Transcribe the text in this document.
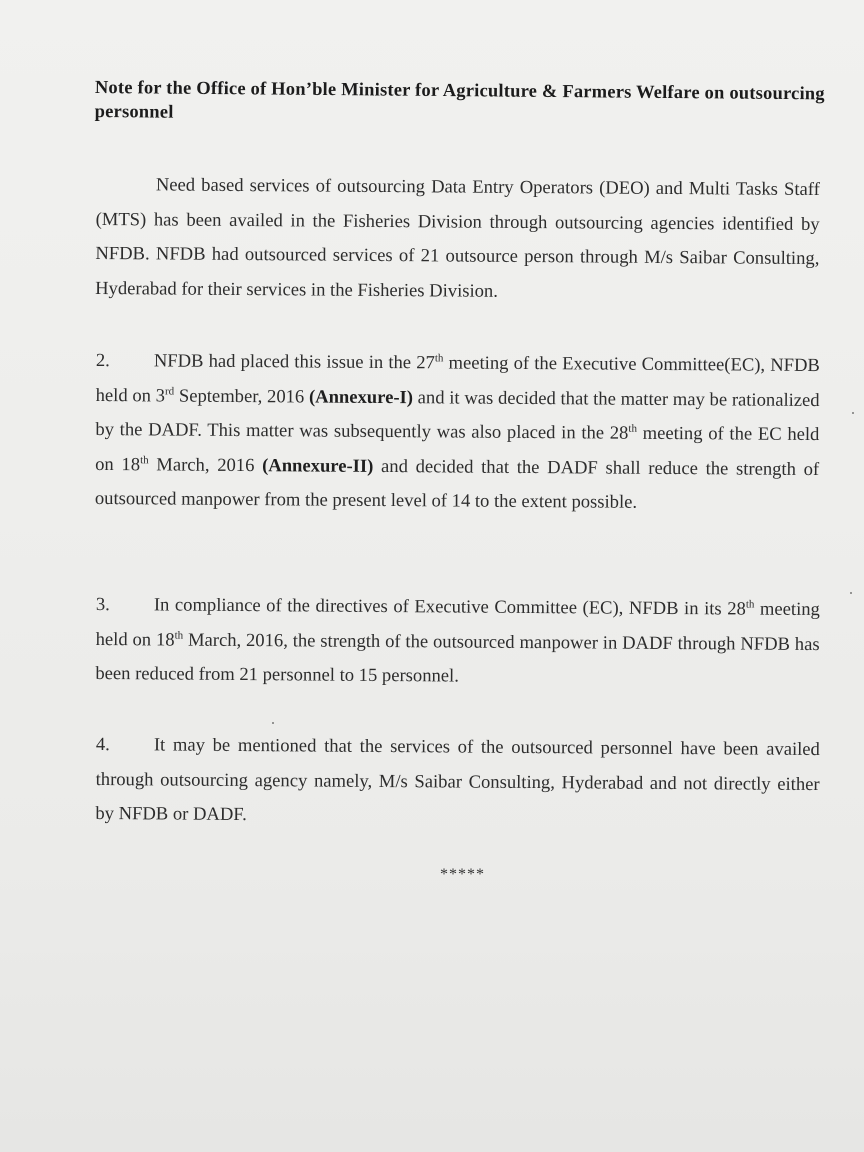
Note for the Office of Hon’ble Minister for Agriculture & Farmers Welfare on outsourcing personnel
Need based services of outsourcing Data Entry Operators (DEO) and Multi Tasks Staff (MTS) has been availed in the Fisheries Division through outsourcing agencies identified by NFDB. NFDB had outsourced services of 21 outsource person through M/s Saibar Consulting, Hyderabad for their services in the Fisheries Division.
2. NFDB had placed this issue in the 27th meeting of the Executive Committee(EC), NFDB held on 3rd September, 2016 (Annexure-I) and it was decided that the matter may be rationalized by the DADF. This matter was subsequently was also placed in the 28th meeting of the EC held on 18th March, 2016 (Annexure-II) and decided that the DADF shall reduce the strength of outsourced manpower from the present level of 14 to the extent possible.
3. In compliance of the directives of Executive Committee (EC), NFDB in its 28th meeting held on 18th March, 2016, the strength of the outsourced manpower in DADF through NFDB has been reduced from 21 personnel to 15 personnel.
4. It may be mentioned that the services of the outsourced personnel have been availed through outsourcing agency namely, M/s Saibar Consulting, Hyderabad and not directly either by NFDB or DADF.
*****
